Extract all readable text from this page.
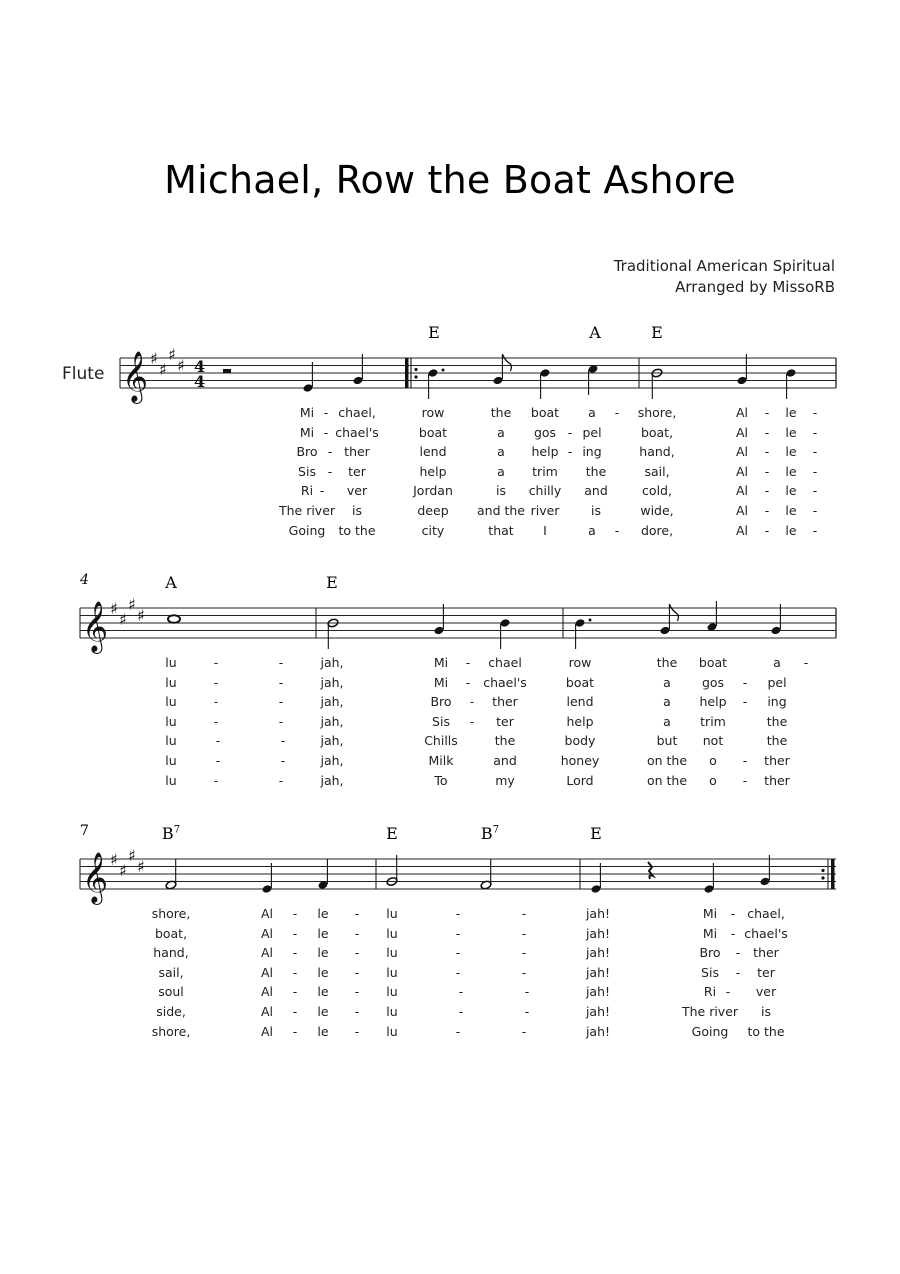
Michael, Row the Boat Ashore
Traditional American Spiritual
Arranged by MissoRB
Flute 𝄞 ♯
♯
♯
♯ 4
4
𝄞 ♯
♯
♯
♯
𝄞 ♯
♯
♯
♯
4
7
E	A	E
Mi - chael,	row	the boat a - shore,	Al - le -
Mi - chael's	boat	a gos - pel	boat,	Al - le -
Bro - ther	lend	a help - ing	hand,	Al - le -
Sis - ter	help	a trim the	sail,	Al - le -
Ri - ver	Jordan	is chilly and	cold,	Al - le -
The river is	deep and the river	is	wide,	Al - le -
Going to the	city	that I	a - dore,	Al - le -
A	E
lu	-	-	jah,	Mi - chael	row	the boat	a -
lu	-	-	jah,	Mi - chael's	boat	a gos - pel
lu	-	-	jah,	Bro - ther	lend	a help - ing
lu	-	-	jah,	Sis - ter	help	a trim	the
lu	-	-	jah,	Chills	the	body	but not	the
lu	-	-	jah,	Milk	and	honey	on the o - ther
lu	-	-	jah,	To	my	Lord	on the o - ther
$B^7$	E	$B^7$	E
shore,	Al - le - lu	-	-	jah!	Mi - chael,
boat,	Al - le - lu	-	-	jah!	Mi - chael's
hand,	Al - le - lu	-	-	jah!	Bro - ther
sail,	Al - le - lu	-	-	jah!	Sis - ter
soul	Al - le - lu	-	-	jah!	Ri - ver
side,	Al - le - lu	-	-	jah!	The river is
shore,	Al - le - lu	-	-	jah!	Going to the
